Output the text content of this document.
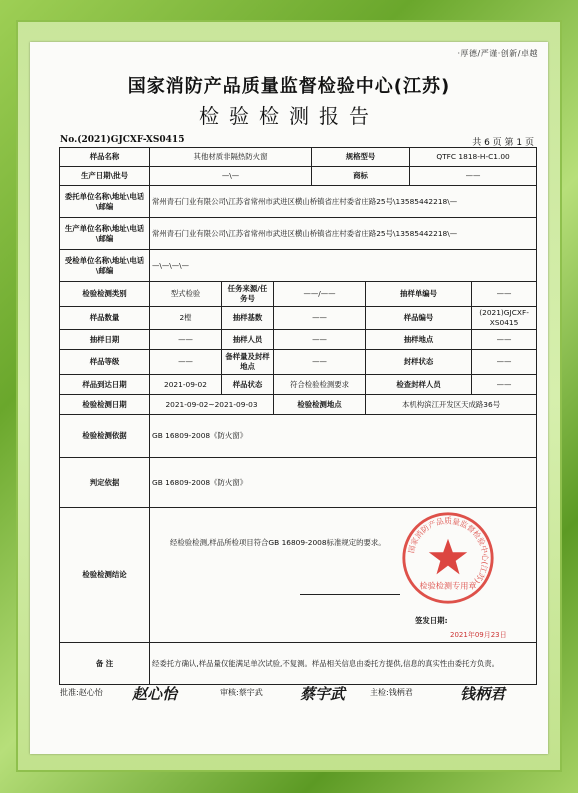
·厚德/严谨·创新/卓越
国家消防产品质量监督检验中心(江苏)
检验检测报告
No.(2021)GJCXF-XS0415	共 6 页 第 1 页
样品名称	其他材质非隔热防火窗			规格型号		QTFC 1818-H-C1.00	
生产日期\批号	—\—			商标		——	
委托单位名称\地址\电话\邮编	常州青石门业有限公司\江苏省常州市武进区横山桥镇省庄村委省庄路25号\13585442218\—						
生产单位名称\地址\电话\邮编	常州青石门业有限公司\江苏省常州市武进区横山桥镇省庄村委省庄路25号\13585442218\—						
受检单位名称\地址\电话\邮编	—\—\—\—						
检验检测类别	型式检验	任务来源/任务号	——/——		抽样单编号		——
样品数量	2樘	抽样基数	——		样品编号		(2021)GJCXF-XS0415
抽样日期	——	抽样人员	——		抽样地点		——
样品等级	——	备样量及封样地点	——		封样状态		——
样品到达日期	2021-09-02	样品状态	符合检验检测要求		检查封样人员		——
检验检测日期	2021-09-02~2021-09-03		检验检测地点		本机构滨江开发区天成路36号		
检验检测依据	GB 16809-2008《防火窗》						
判定依据	GB 16809-2008《防火窗》						
检验检测结论	经检验检测,样品所检项目符合GB 16809-2008标准规定的要求。
签发日期:
2021年09月23日						

备 注	经委托方确认,样品量仅能满足单次试验,不复测。样品相关信息由委托方提供,信息的真实性由委托方负责。						
批准:赵心怡 赵心怡	审核:蔡宇武 蔡宇武	主检:钱柄君	钱柄君
国家消防产品质量监督检验中心(江苏)
检验检测专用章
